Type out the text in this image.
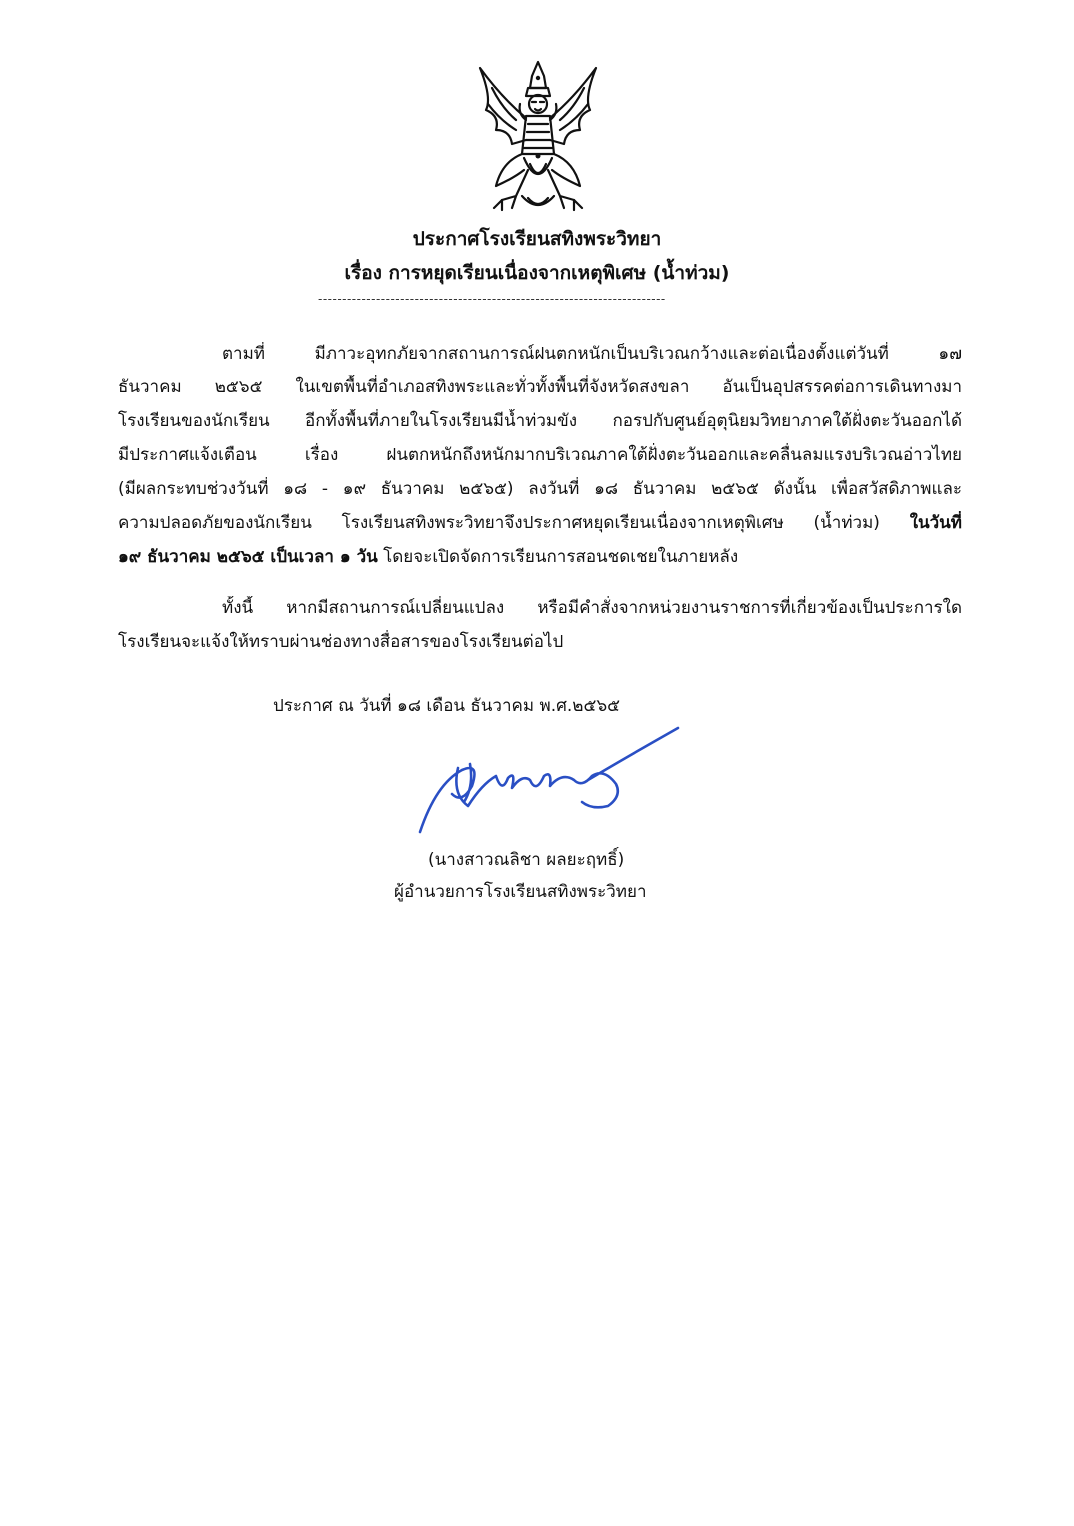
ประกาศโรงเรียนสทิงพระวิทยา
เรื่อง การหยุดเรียนเนื่องจากเหตุพิเศษ (น้ำท่วม)
------------------------------------------------------------------------
ตามที่ มีภาวะอุทกภัยจากสถานการณ์ฝนตกหนักเป็นบริเวณกว้างและต่อเนื่องตั้งแต่วันที่ ๑๗
ธันวาคม ๒๕๖๕ ในเขตพื้นที่อำเภอสทิงพระและทั่วทั้งพื้นที่จังหวัดสงขลา อันเป็นอุปสรรคต่อการเดินทางมา
โรงเรียนของนักเรียน อีกทั้งพื้นที่ภายในโรงเรียนมีน้ำท่วมขัง กอรปกับศูนย์อุตุนิยมวิทยาภาคใต้ฝั่งตะวันออกได้
มีประกาศแจ้งเตือน เรื่อง ฝนตกหนักถึงหนักมากบริเวณภาคใต้ฝั่งตะวันออกและคลื่นลมแรงบริเวณอ่าวไทย
(มีผลกระทบช่วงวันที่ ๑๘ - ๑๙ ธันวาคม ๒๕๖๕) ลงวันที่ ๑๘ ธันวาคม ๒๕๖๕ ดังนั้น เพื่อสวัสดิภาพและ
ความปลอดภัยของนักเรียน โรงเรียนสทิงพระวิทยาจึงประกาศหยุดเรียนเนื่องจากเหตุพิเศษ (น้ำท่วม) ในวันที่
๑๙ ธันวาคม ๒๕๖๕ เป็นเวลา ๑ วัน โดยจะเปิดจัดการเรียนการสอนชดเชยในภายหลัง
ทั้งนี้ หากมีสถานการณ์เปลี่ยนแปลง หรือมีคำสั่งจากหน่วยงานราชการที่เกี่ยวข้องเป็นประการใด
โรงเรียนจะแจ้งให้ทราบผ่านช่องทางสื่อสารของโรงเรียนต่อไป
ประกาศ ณ วันที่ ๑๘ เดือน ธันวาคม พ.ศ.๒๕๖๕
(นางสาวณลิชา ผลยะฤทธิ์)
ผู้อำนวยการโรงเรียนสทิงพระวิทยา
